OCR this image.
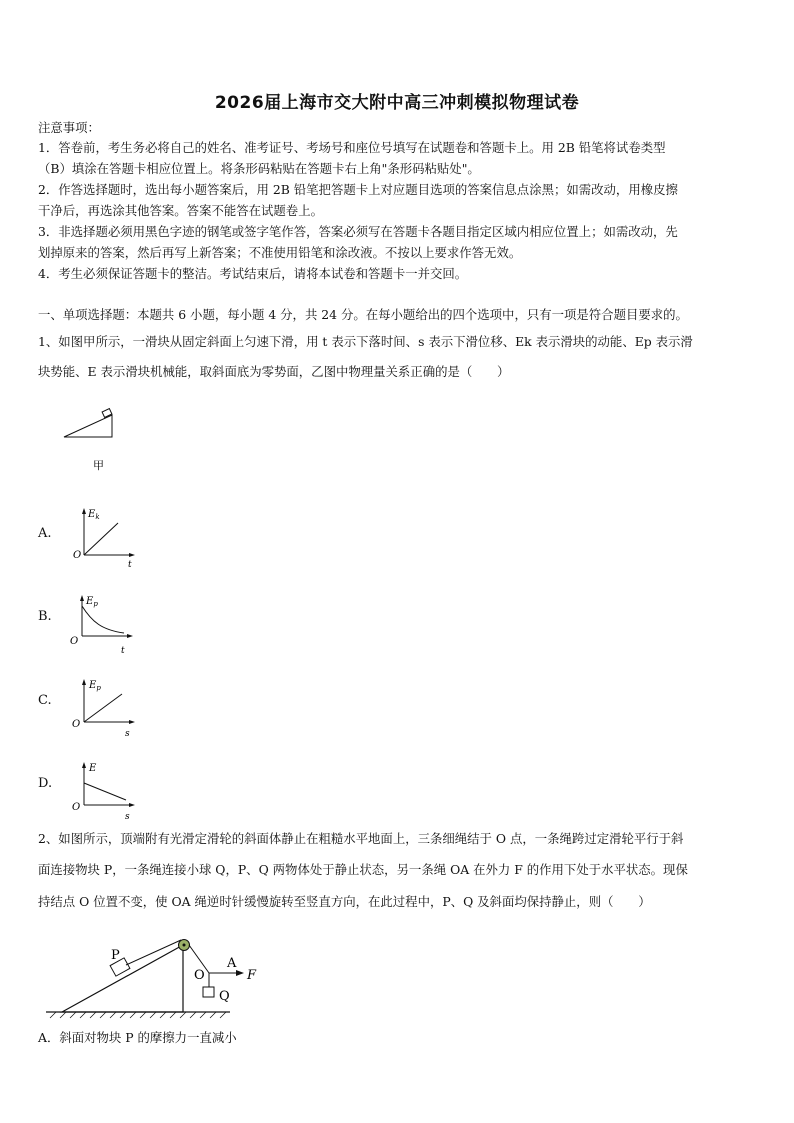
2026届上海市交大附中高三冲刺模拟物理试卷
注意事项：
1．答卷前，考生务必将自己的姓名、准考证号、考场号和座位号填写在试题卷和答题卡上。用 2B 铅笔将试卷类型
（B）填涂在答题卡相应位置上。将条形码粘贴在答题卡右上角"条形码粘贴处"。
2．作答选择题时，选出每小题答案后，用 2B 铅笔把答题卡上对应题目选项的答案信息点涂黑；如需改动，用橡皮擦
干净后，再选涂其他答案。答案不能答在试题卷上。
3．非选择题必须用黑色字迹的钢笔或签字笔作答，答案必须写在答题卡各题目指定区域内相应位置上；如需改动，先
划掉原来的答案，然后再写上新答案；不准使用铅笔和涂改液。不按以上要求作答无效。
4．考生必须保证答题卡的整洁。考试结束后，请将本试卷和答题卡一并交回。
一、单项选择题：本题共 6 小题，每小题 4 分，共 24 分。在每小题给出的四个选项中，只有一项是符合题目要求的。
1、如图甲所示，一滑块从固定斜面上匀速下滑，用 t 表示下落时间、s 表示下滑位移、Ek 表示滑块的动能、Ep 表示滑
块势能、E 表示滑块机械能，取斜面底为零势面，乙图中物理量关系正确的是（　　）
甲
A.
$E_k$
O
t
B.
$E_p$
O
t
C.
$E_p$
O
s
D.
E
O
s
2、如图所示，顶端附有光滑定滑轮的斜面体静止在粗糙水平地面上，三条细绳结于 O 点，一条绳跨过定滑轮平行于斜
面连接物块 P，一条绳连接小球 Q，P、Q 两物体处于静止状态，另一条绳 OA 在外力 F 的作用下处于水平状态。现保
持结点 O 位置不变，使 OA 绳逆时针缓慢旋转至竖直方向，在此过程中，P、Q 及斜面均保持静止，则（　　）
P
O
A
F
Q
A．斜面对物块 P 的摩擦力一直减小
